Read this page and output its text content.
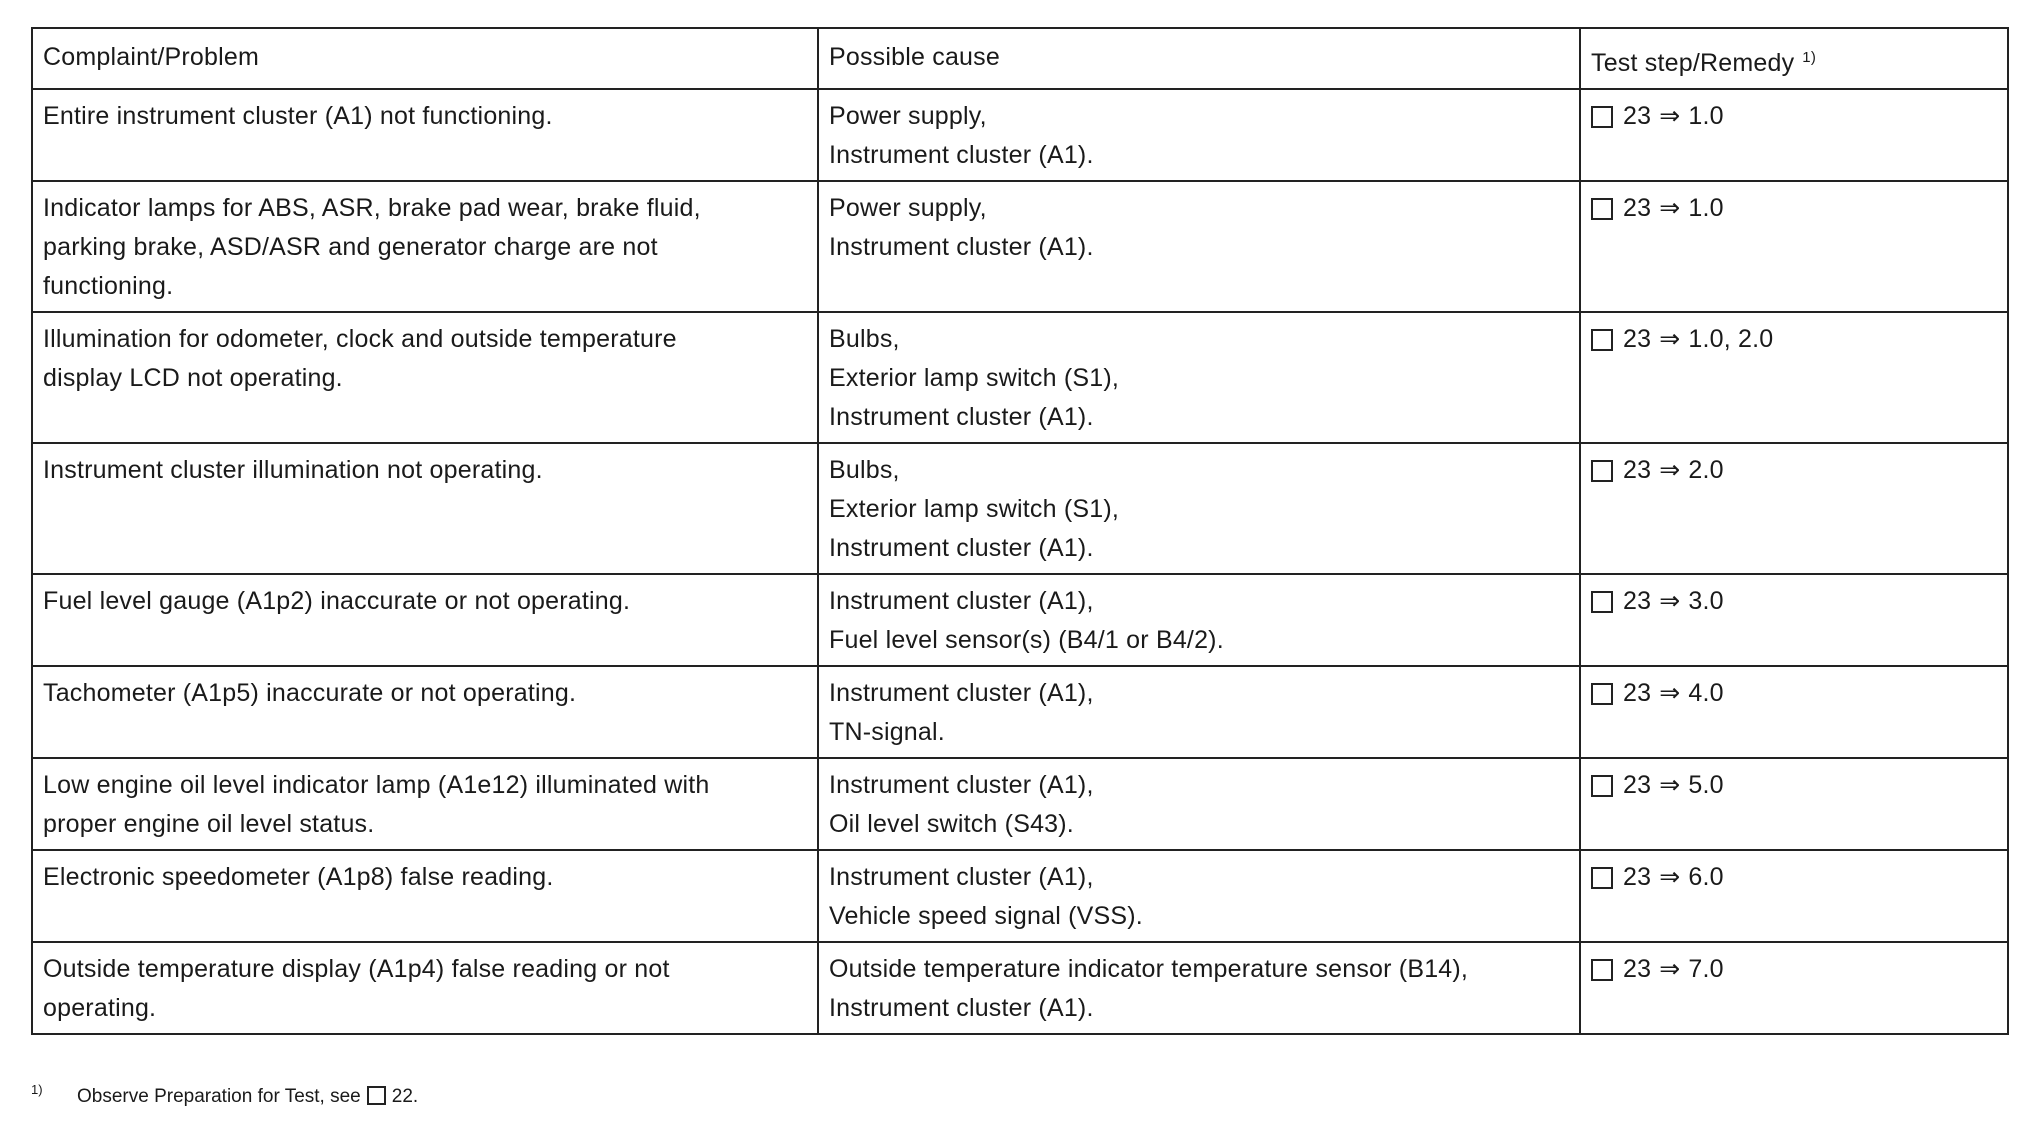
Complaint/Problem	Possible cause	Test step/Remedy $^{1)}$

Entire instrument cluster (A1) not functioning.	Power supply,
Instrument cluster (A1).	23 ⇒ 1.0

Indicator lamps for ABS, ASR, brake pad wear, brake fluid,
parking brake, ASD/ASR and generator charge are not
functioning.	Power supply,
Instrument cluster (A1).	23 ⇒ 1.0

Illumination for odometer, clock and outside temperature
display LCD not operating.	Bulbs,
Exterior lamp switch (S1),
Instrument cluster (A1).	23 ⇒ 1.0, 2.0

Instrument cluster illumination not operating.	Bulbs,
Exterior lamp switch (S1),
Instrument cluster (A1).	23 ⇒ 2.0

Fuel level gauge (A1p2) inaccurate or not operating.	Instrument cluster (A1),
Fuel level sensor(s) (B4/1 or B4/2).	23 ⇒ 3.0

Tachometer (A1p5) inaccurate or not operating.	Instrument cluster (A1),
TN-signal.	23 ⇒ 4.0

Low engine oil level indicator lamp (A1e12) illuminated with
proper engine oil level status.	Instrument cluster (A1),
Oil level switch (S43).	23 ⇒ 5.0

Electronic speedometer (A1p8) false reading.	Instrument cluster (A1),
Vehicle speed signal (VSS).	23 ⇒ 6.0

Outside temperature display (A1p4) false reading or not
operating.	Outside temperature indicator temperature sensor (B14),
Instrument cluster (A1).	23 ⇒ 7.0
1) Observe Preparation for Test, see 22.
